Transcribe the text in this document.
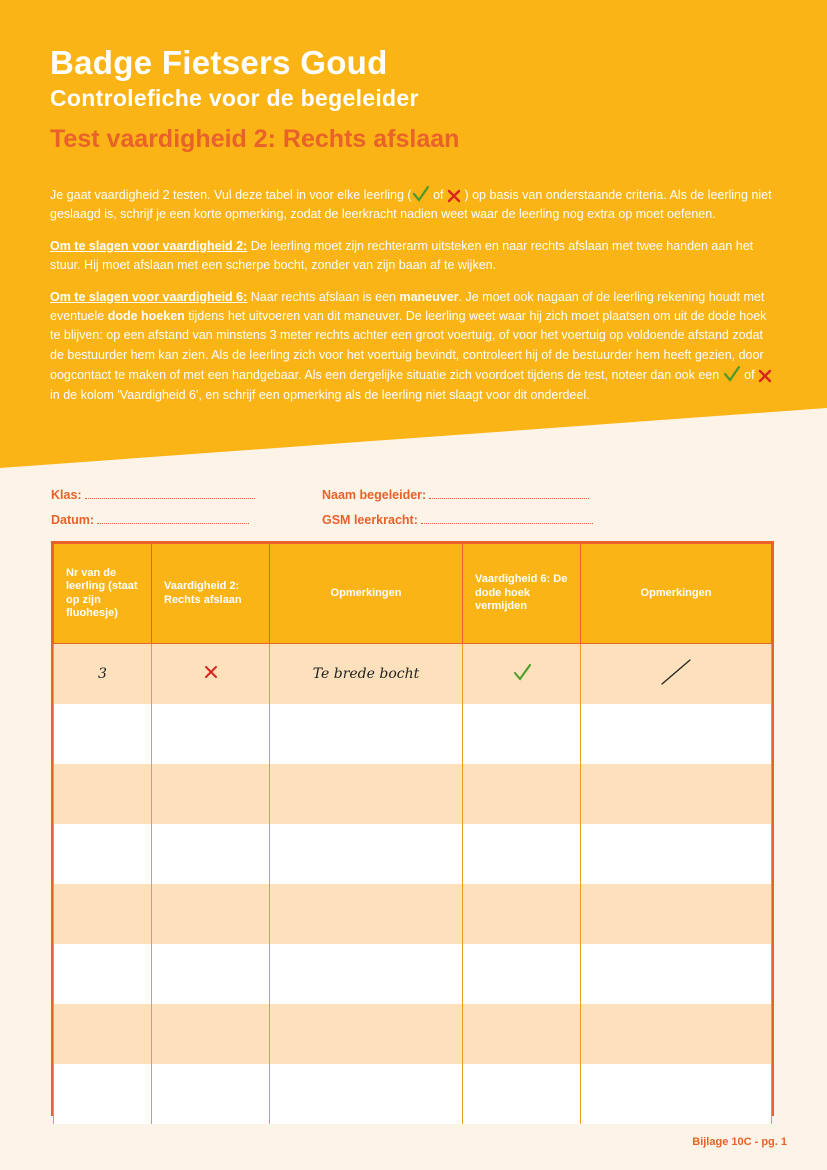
Badge Fietsers Goud
Controlefiche voor de begeleider
Test vaardigheid 2: Rechts afslaan

Je gaat vaardigheid 2 testen. Vul deze tabel in voor elke leerling ( of ) op basis van onderstaande criteria. Als de leerling niet geslaagd is, schrijf je een korte opmerking, zodat de leerkracht nadien weet waar de leerling nog extra op moet oefenen.

Om te slagen voor vaardigheid 2: De leerling moet zijn rechterarm uitsteken en naar rechts afslaan met twee handen aan het stuur. Hij moet afslaan met een scherpe bocht, zonder van zijn baan af te wijken.

Om te slagen voor vaardigheid 6: Naar rechts afslaan is een maneuver. Je moet ook nagaan of de leerling rekening houdt met eventuele dode hoeken tijdens het uitvoeren van dit maneuver. De leerling weet waar hij zich moet plaatsen om uit de dode hoek te blijven: op een afstand van minstens 3 meter rechts achter een groot voertuig, of voor het voertuig op voldoende afstand zodat de bestuurder hem kan zien. Als de leerling zich voor het voertuig bevindt, controleert hij of de bestuurder hem heeft gezien, door oogcontact te maken of met een handgebaar. Als een dergelijke situatie zich voordoet tijdens de test, noteer dan ook een of  in de kolom 'Vaardigheid 6', en schrijf een opmerking als de leerling niet slaagt voor dit onderdeel.

Klas:
Datum:
Naam begeleider:
GSM leerkracht:
Nr van de leerling (staat op zijn fluohesje)	Vaardigheid 2: Rechts afslaan	Opmerkingen	Vaardigheid 6: De dode hoek vermijden	Opmerkingen
3		Te brede bocht		

Bijlage 10C - pg. 1
